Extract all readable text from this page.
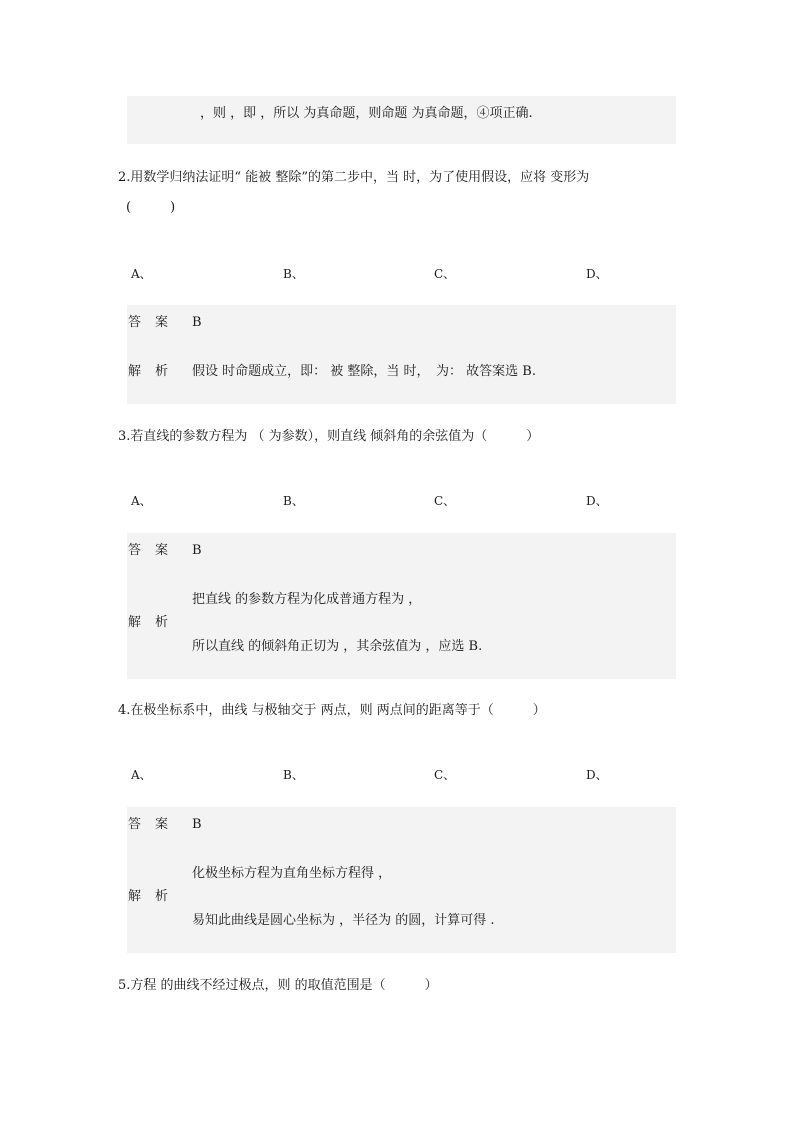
，则 ，即 ，所以 为真命题，则命题 为真命题，④项正确.
2.用数学归纳法证明“ 能被 整除”的第二步中，当 时，为了使用假设，应将 变形为
(　　　)
A、	B、	C、	D、
答 案 B
解 析 假设 时命题成立，即： 被 整除，当 时，　为： 故答案选 B.
3.若直线的参数方程为 （ 为参数），则直线 倾斜角的余弦值为（　　　）
A、	B、	C、	D、
答 案 B
把直线 的参数方程为化成普通方程为 ，
解 析
所以直线 的倾斜角正切为 ，其余弦值为 ，应选 B.
4.在极坐标系中，曲线 与极轴交于 两点，则 两点间的距离等于（　　　）
A、	B、	C、	D、
答 案 B
化极坐标方程为直角坐标方程得 ，
解 析
易知此曲线是圆心坐标为 ，半径为 的圆，计算可得 .
5.方程 的曲线不经过极点，则 的取值范围是（　　　）
